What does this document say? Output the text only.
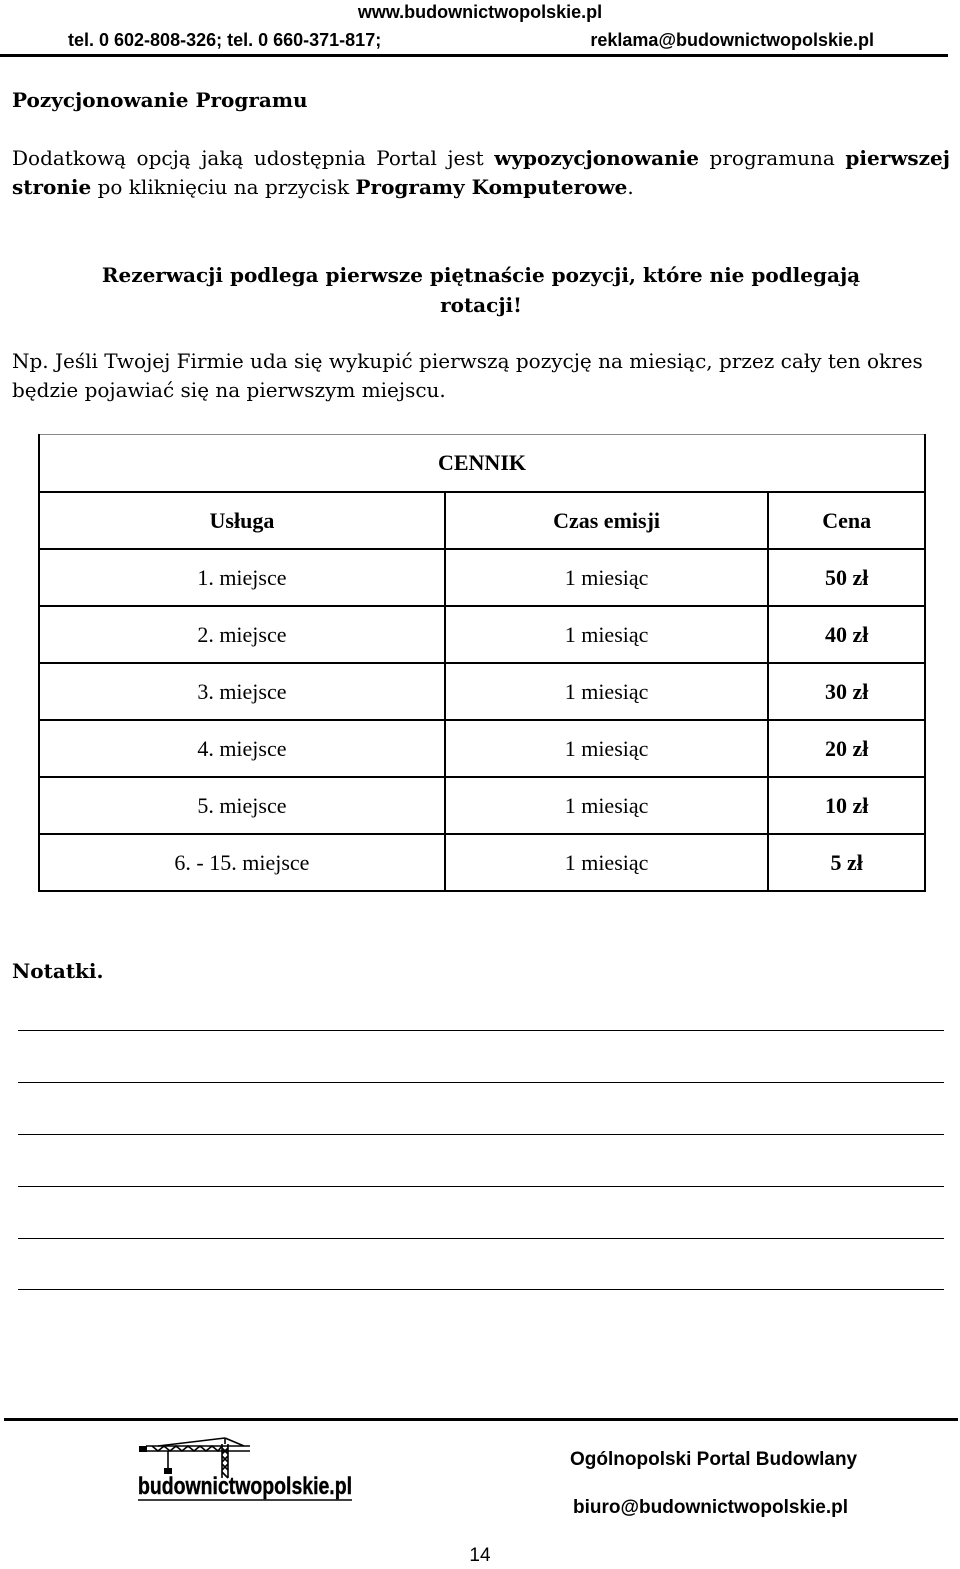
www.budownictwopolskie.pl
tel. 0 602-808-326; tel. 0 660-371-817;	reklama@budownictwopolskie.pl
Pozycjonowanie Programu
Dodatkową opcją jaką udostępnia Portal jest wypozycjonowanie programuna pierwszej stronie po kliknięciu na przycisk Programy Komputerowe.
Rezerwacji podlega pierwsze piętnaście pozycji, które nie podlegają
rotacji!
Np. Jeśli Twojej Firmie uda się wykupić pierwszą pozycję na miesiąc, przez cały ten okres będzie pojawiać się na pierwszym miejscu.
CENNIK		
Usługa	Czas emisji	Cena
1. miejsce	1 miesiąc	50 zł
2. miejsce	1 miesiąc	40 zł
3. miejsce	1 miesiąc	30 zł
4. miejsce	1 miesiąc	20 zł
5. miejsce	1 miesiąc	10 zł
6. - 15. miejsce	1 miesiąc	5 zł
Notatki.
budownictwopolskie.pl
Ogólnopolski Portal Budowlany
biuro@budownictwopolskie.pl
14
